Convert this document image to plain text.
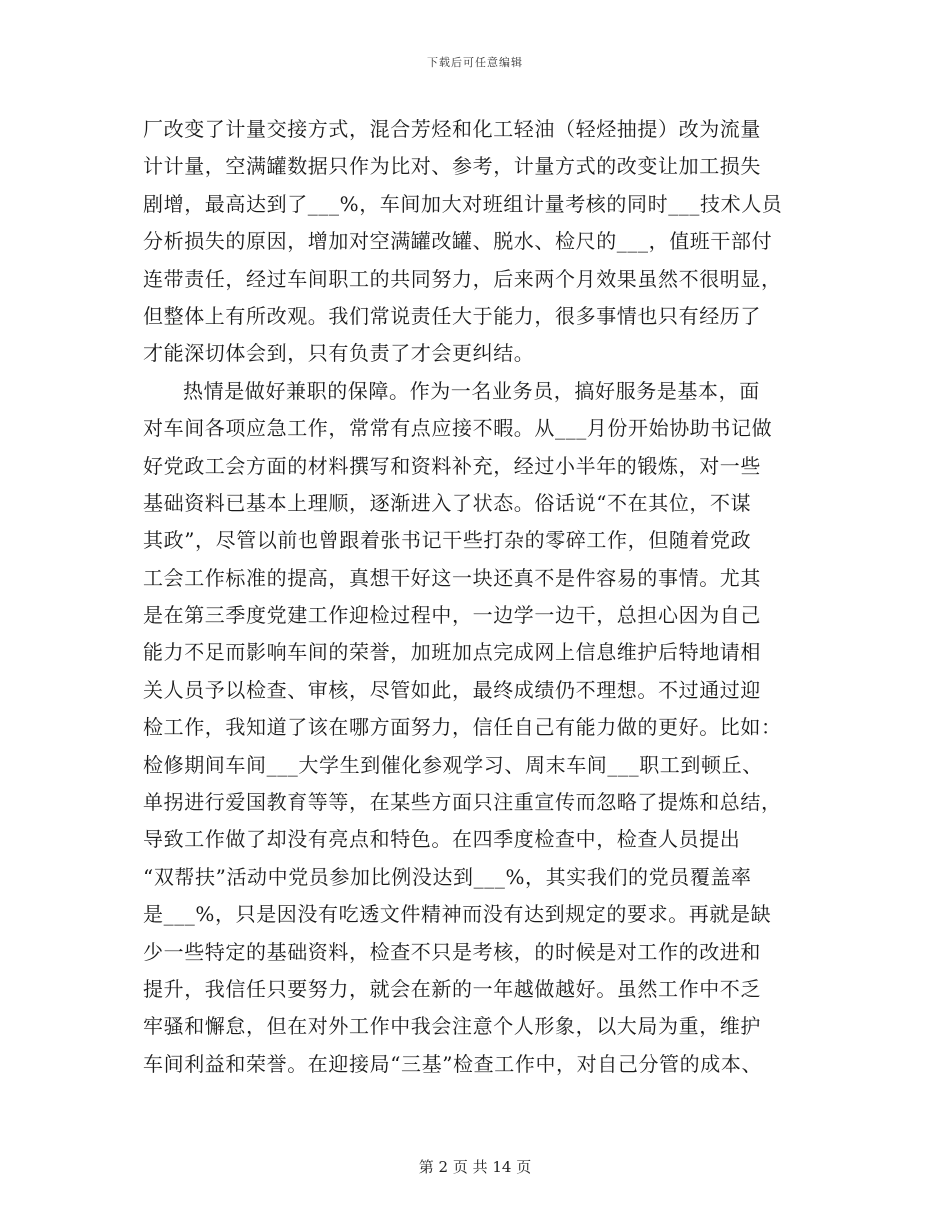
下载后可任意编辑
厂改变了计量交接方式，混合芳烃和化工轻油（轻烃抽提）改为流量
计计量，空满罐数据只作为比对、参考，计量方式的改变让加工损失
剧增，最高达到了___%，车间加大对班组计量考核的同时___技术人员
分析损失的原因，增加对空满罐改罐、脱水、检尺的___，值班干部付
连带责任，经过车间职工的共同努力，后来两个月效果虽然不很明显，
但整体上有所改观。我们常说责任大于能力，很多事情也只有经历了
才能深切体会到，只有负责了才会更纠结。
热情是做好兼职的保障。作为一名业务员，搞好服务是基本，面
对车间各项应急工作，常常有点应接不暇。从___月份开始协助书记做
好党政工会方面的材料撰写和资料补充，经过小半年的锻炼，对一些
基础资料已基本上理顺，逐渐进入了状态。俗话说“不在其位，不谋
其政”，尽管以前也曾跟着张书记干些打杂的零碎工作，但随着党政
工会工作标准的提高，真想干好这一块还真不是件容易的事情。尤其
是在第三季度党建工作迎检过程中，一边学一边干，总担心因为自己
能力不足而影响车间的荣誉，加班加点完成网上信息维护后特地请相
关人员予以检查、审核，尽管如此，最终成绩仍不理想。不过通过迎
检工作，我知道了该在哪方面努力，信任自己有能力做的更好。比如：
检修期间车间___大学生到催化参观学习、周末车间___职工到顿丘、
单拐进行爱国教育等等，在某些方面只注重宣传而忽略了提炼和总结，
导致工作做了却没有亮点和特色。在四季度检查中，检查人员提出
“双帮扶”活动中党员参加比例没达到___%，其实我们的党员覆盖率
是___%，只是因没有吃透文件精神而没有达到规定的要求。再就是缺
少一些特定的基础资料，检查不只是考核，的时候是对工作的改进和
提升，我信任只要努力，就会在新的一年越做越好。虽然工作中不乏
牢骚和懈怠，但在对外工作中我会注意个人形象，以大局为重，维护
车间利益和荣誉。在迎接局“三基”检查工作中，对自己分管的成本、
第 2 页 共 14 页
